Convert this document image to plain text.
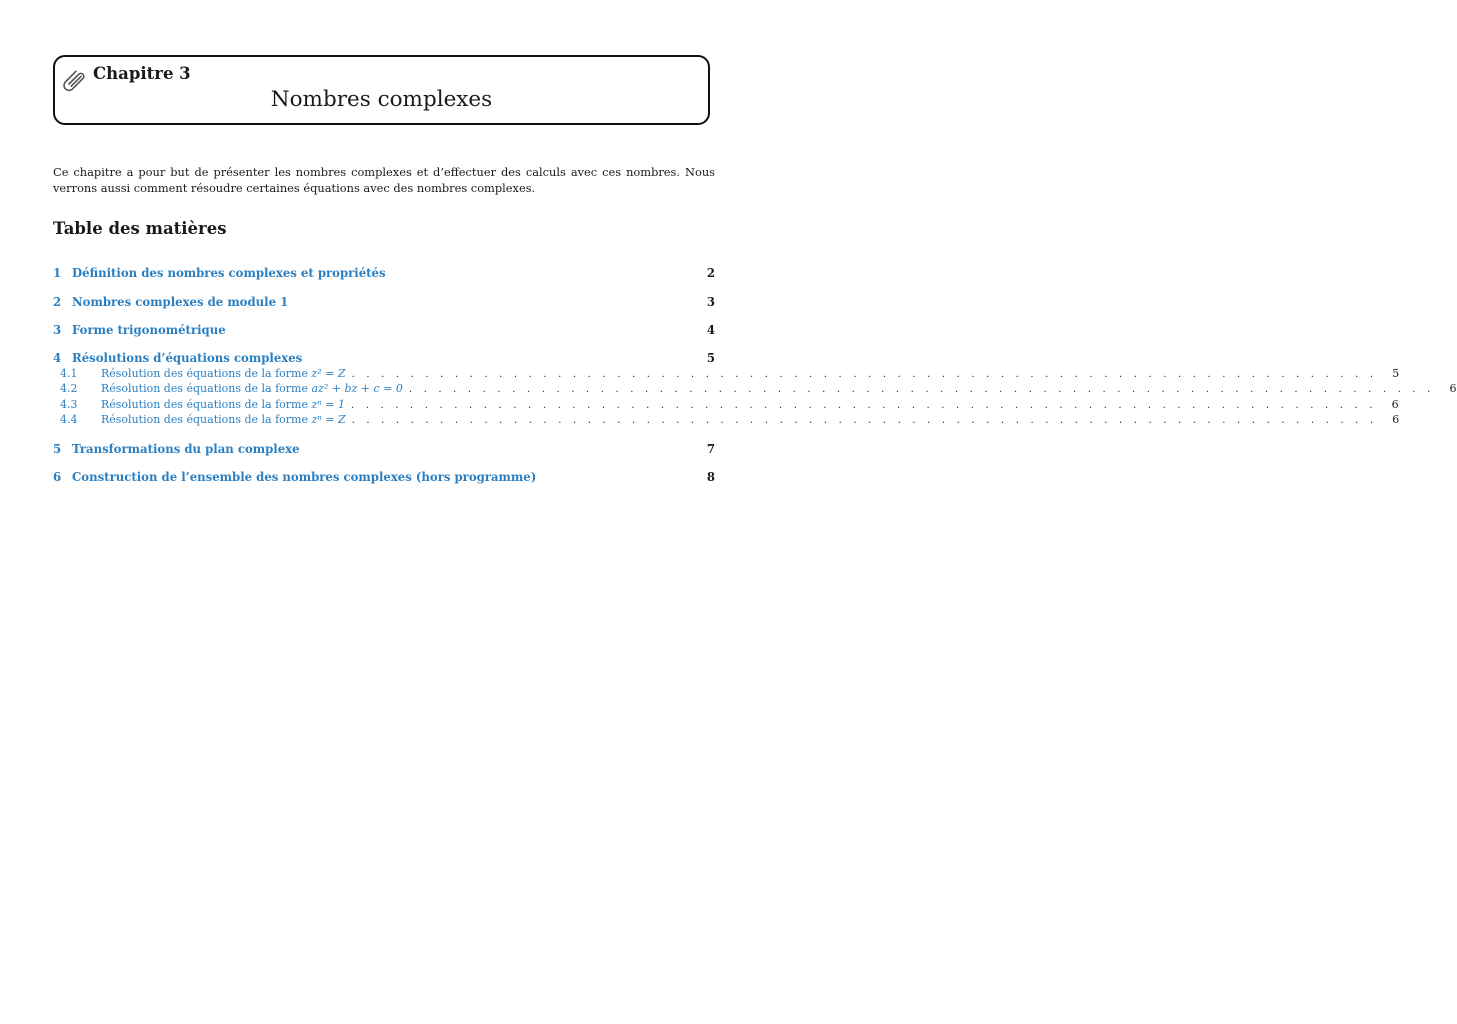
Chapitre 3
Nombres complexes
Ce chapitre a pour but de présenter les nombres complexes et d’effectuer des calculs avec ces nombres. Nous verrons aussi comment résoudre certaines équations avec des nombres complexes.
Table des matières
1 Définition des nombres complexes et propriétés	2
2 Nombres complexes de module 1	3
3 Forme trigonométrique	4
4 Résolutions d’équations complexes	5
4.1	Résolution des équations de la forme z² = Z . . . . . . . . . . . . . . . . . . . . . . . . . . . . . . . . . . . . . . . . . . . . . . . . . . . . . . . . . . . . . . . . . . . . . . 5
4.2	Résolution des équations de la forme az² + bz + c = 0 . . . . . . . . . . . . . . . . . . . . . . . . . . . . . . . . . . . . . . . . . . . . . . . . . . . . . . . . . . . . . . . . . . . . . . 6
4.3	Résolution des équations de la forme zⁿ = 1 . . . . . . . . . . . . . . . . . . . . . . . . . . . . . . . . . . . . . . . . . . . . . . . . . . . . . . . . . . . . . . . . . . . . . . 6
4.4	Résolution des équations de la forme zⁿ = Z . . . . . . . . . . . . . . . . . . . . . . . . . . . . . . . . . . . . . . . . . . . . . . . . . . . . . . . . . . . . . . . . . . . . . . 6
5 Transformations du plan complexe	7
6 Construction de l’ensemble des nombres complexes (hors programme)	8
